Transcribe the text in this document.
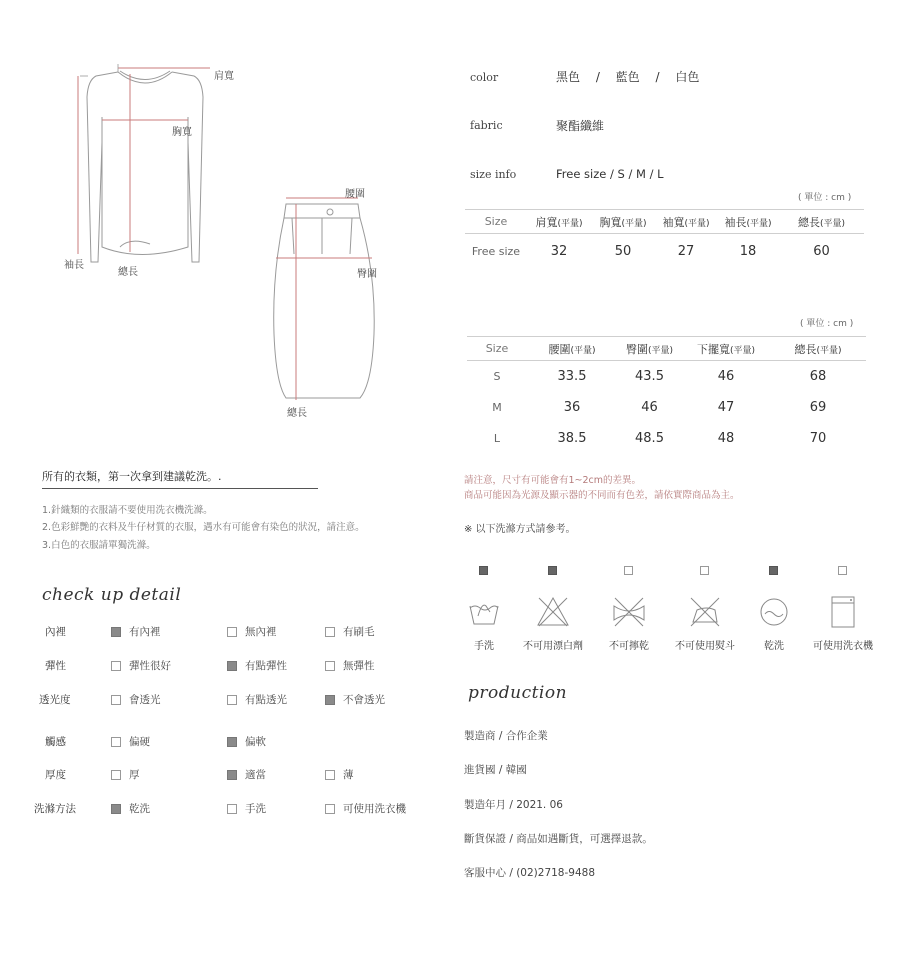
肩寬
胸寬
袖長
總長
腰圍
臀圍
總長
color	黑色　 /　 藍色　 /　 白色
fabric	聚酯纖維
size info	Free size / S / M / L
( 單位 : cm )
Size	肩寬(平量)	胸寬(平量)	袖寬(平量)	袖長(平量)	總長(平量)
Free size	32	50	27	18	60
( 單位 : cm )
Size	腰圍(平量)	臀圍(平量)	下擺寬(平量)	總長(平量)
S	33.5	43.5	46	68
M	36	46	47	69
L	38.5	48.5	48	70
所有的衣類，第一次拿到建議乾洗。.
1.針織類的衣服請不要使用洗衣機洗滌。
2.色彩鮮艷的衣料及牛仔材質的衣服，遇水有可能會有染色的狀況，請注意。
3.白色的衣服請單獨洗滌。
請注意，尺寸有可能會有1~2cm的差異。
商品可能因為光源及顯示器的不同而有色差，請依實際商品為主。
※ 以下洗滌方式請參考。
手洗	不可用漂白劑	不可擰乾	不可使用熨斗	乾洗	可使用洗衣機
check up detail
內裡	有內裡	無內裡	有刷毛
彈性	彈性很好	有點彈性	無彈性
透光度	會透光	有點透光	不會透光
觸感	偏硬	偏軟
厚度	厚	適當	薄
洗滌方法	乾洗	手洗	可使用洗衣機
production
製造商 / 合作企業
進貨國 / 韓國
製造年月 / 2021. 06
斷貨保證 / 商品如遇斷貨，可選擇退款。
客服中心 / (02)2718-9488
